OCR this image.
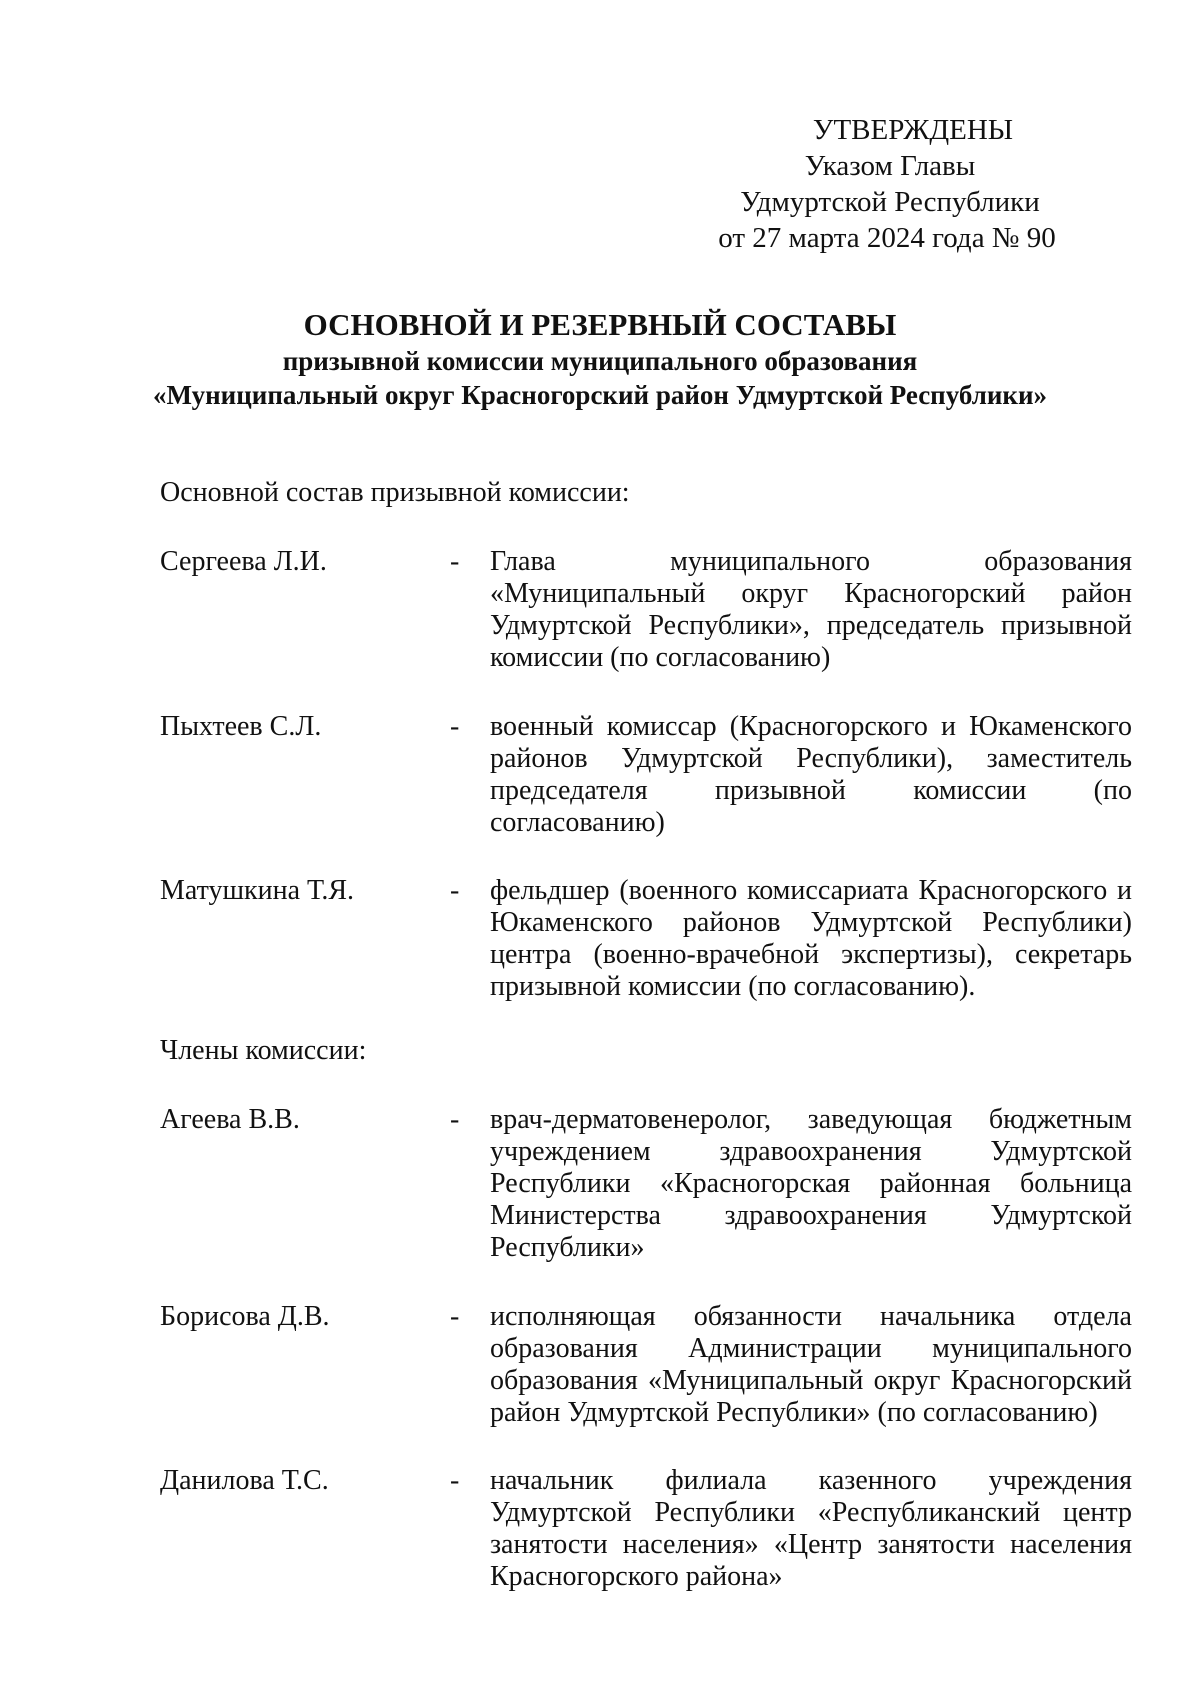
УТВЕРЖДЕНЫ
Указом Главы
Удмуртской Республики
от 27 марта 2024 года № 90
ОСНОВНОЙ И РЕЗЕРВНЫЙ СОСТАВЫ
призывной комиссии муниципального образования
«Муниципальный округ Красногорский район Удмуртской Республики»
Основной состав призывной комиссии:
Сергеева Л.И.	- Глава муниципального образования «Муниципальный округ Красногорский район Удмуртской Республики», председатель призывной комиссии (по согласованию)
Пыхтеев С.Л.	- военный комиссар (Красногорского и Юкаменского районов Удмуртской Республики), заместитель председателя призывной комиссии (по согласованию)
Матушкина Т.Я.	- фельдшер (военного комиссариата Красногорского и Юкаменского районов Удмуртской Республики) центра (военно-врачебной экспертизы), секретарь призывной комиссии (по согласованию).
Члены комиссии:
Агеева В.В.	- врач-дерматовенеролог, заведующая бюджетным учреждением здравоохранения Удмуртской Республики «Красногорская районная больница Министерства здравоохранения Удмуртской Республики»
Борисова Д.В.	- исполняющая обязанности начальника отдела образования Администрации муниципального образования «Муниципальный округ Красногорский район Удмуртской Республики» (по согласованию)
Данилова Т.С.	- начальник филиала казенного учреждения Удмуртской Республики «Республиканский центр занятости населения» «Центр занятости населения Красногорского района»
